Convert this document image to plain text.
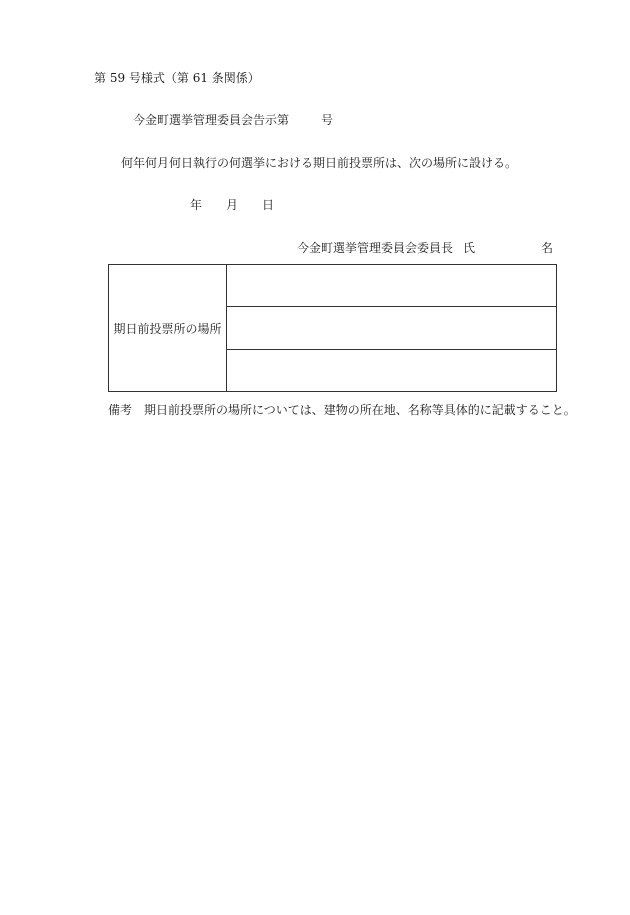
第 59 号様式（第 61 条関係）
今金町選挙管理委員会告示第	号
何年何月何日執行の何選挙における期日前投票所は、次の場所に設ける。
年 月 日
今金町選挙管理委員会委員長 氏	名
期日前投票所の場所
備考 期日前投票所の場所については、建物の所在地、名称等具体的に記載すること。
